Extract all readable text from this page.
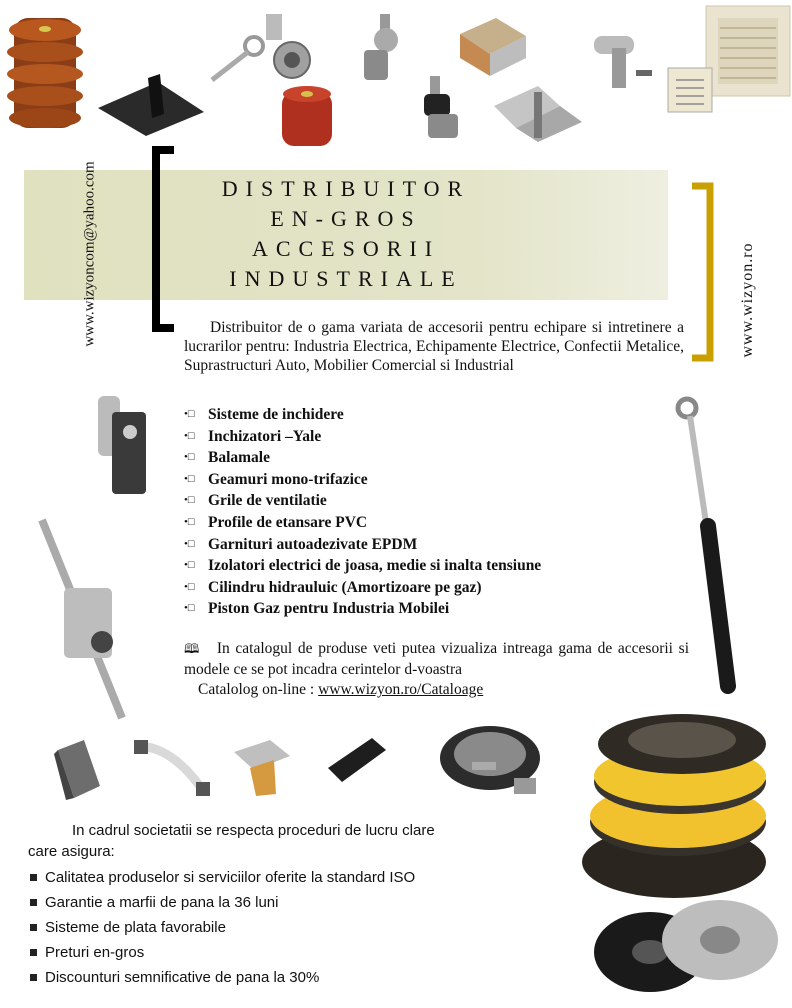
DISTRIBUITOR
EN-GROS
ACCESORII
INDUSTRIALE
www.wizyoncom@yahoo.com	www.wizyon.ro
Distribuitor de o gama variata de accesorii pentru echipare si intretinere a lucrarilor pentru: Industria Electrica, Echipamente Electrice, Confectii Metalice, Suprastructuri Auto, Mobilier Comercial si Industrial
•□ Sisteme de inchidere
•□ Inchizatori –Yale
•□ Balamale
•□ Geamuri mono-trifazice
•□ Grile de ventilatie
•□ Profile de etansare PVC
•□ Garnituri autoadezivate EPDM
•□ Izolatori electrici de joasa, medie si inalta tensiune
•□ Cilindru hidrauluic (Amortizoare pe gaz)
•□ Piston Gaz pentru Industria Mobilei
🕮 In catalogul de produse veti putea vizualiza intreaga gama de accesorii si modele ce se pot incadra cerintelor d-voastra
Catalolog on-line : www.wizyon.ro/Cataloage
In cadrul societatii se respecta proceduri de lucru clare
care asigura:
Calitatea produselor si serviciilor oferite la standard ISO
Garantie a marfii de pana la 36 luni
Sisteme de plata favorabile
Preturi en-gros
Discounturi semnificative de pana la 30%
